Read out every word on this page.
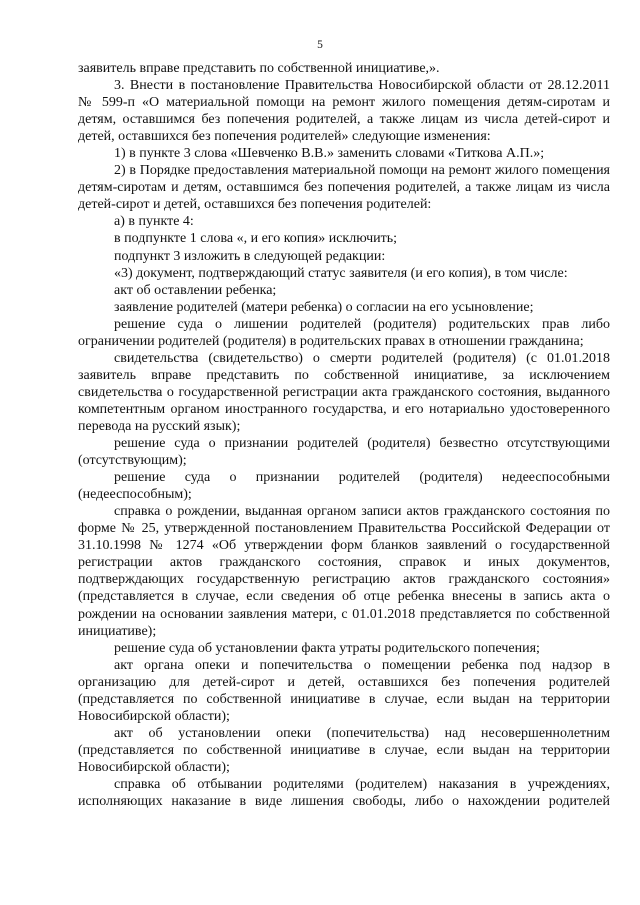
5

заявитель вправе представить по собственной инициативе,».

3. Внести в постановление Правительства Новосибирской области от 28.12.2011 № 599-п «О материальной помощи на ремонт жилого помещения детям-сиротам и детям, оставшимся без попечения родителей, а также лицам из числа детей-сирот и детей, оставшихся без попечения родителей» следующие изменения:

1) в пункте 3 слова «Шевченко В.В.» заменить словами «Титкова А.П.»;

2) в Порядке предоставления материальной помощи на ремонт жилого помещения детям-сиротам и детям, оставшимся без попечения родителей, а также лицам из числа детей-сирот и детей, оставшихся без попечения родителей:

а) в пункте 4:

в подпункте 1 слова «, и его копия» исключить;

подпункт 3 изложить в следующей редакции:

«3) документ, подтверждающий статус заявителя (и его копия), в том числе:

акт об оставлении ребенка;

заявление родителей (матери ребенка) о согласии на его усыновление;

решение суда о лишении родителей (родителя) родительских прав либо ограничении родителей (родителя) в родительских правах в отношении гражданина;

свидетельства (свидетельство) о смерти родителей (родителя) (с 01.01.2018 заявитель вправе представить по собственной инициативе, за исключением свидетельства о государственной регистрации акта гражданского состояния, выданного компетентным органом иностранного государства, и его нотариально удостоверенного перевода на русский язык);

решение суда о признании родителей (родителя) безвестно отсутствующими (отсутствующим);

решение суда о признании родителей (родителя) недееспособными (недееспособным);

справка о рождении, выданная органом записи актов гражданского состояния по форме № 25, утвержденной постановлением Правительства Российской Федерации от 31.10.1998 № 1274 «Об утверждении форм бланков заявлений о государственной регистрации актов гражданского состояния, справок и иных документов, подтверждающих государственную регистрацию актов гражданского состояния» (представляется в случае, если сведения об отце ребенка внесены в запись акта о рождении на основании заявления матери, с 01.01.2018 представляется по собственной инициативе);

решение суда об установлении факта утраты родительского попечения;

акт органа опеки и попечительства о помещении ребенка под надзор в организацию для детей-сирот и детей, оставшихся без попечения родителей (представляется по собственной инициативе в случае, если выдан на территории Новосибирской области);

акт об установлении опеки (попечительства) над несовершеннолетним (представляется по собственной инициативе в случае, если выдан на территории Новосибирской области);

справка об отбывании родителями (родителем) наказания в учреждениях, исполняющих наказание в виде лишения свободы, либо о нахождении родителей
